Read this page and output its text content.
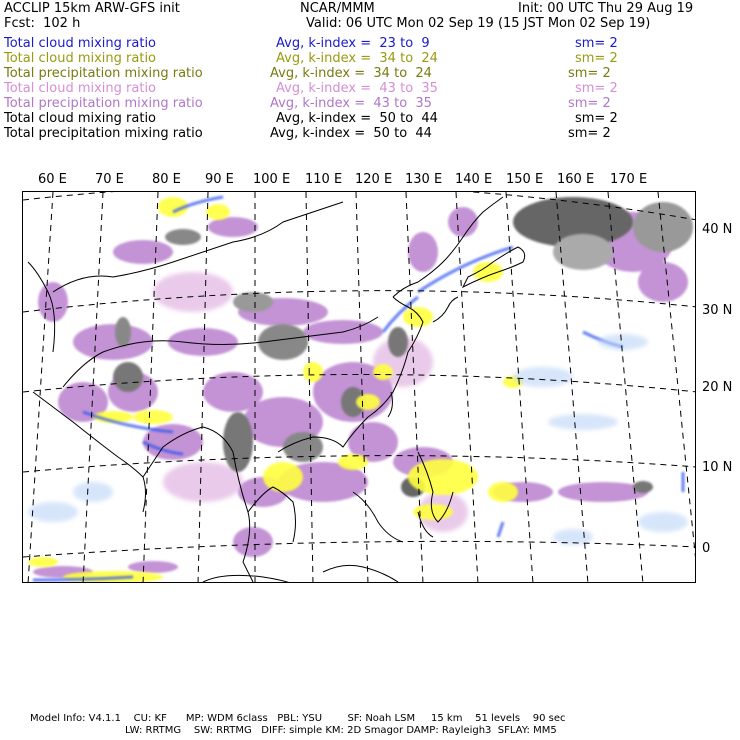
ACCLIP 15km ARW-GFS init	NCAR/MMM	Init: 00 UTC Thu 29 Aug 19
Fcst:  102 h	Valid: 06 UTC Mon 02 Sep 19 (15 JST Mon 02 Sep 19)
Total cloud mixing ratio	Avg, k-index =  23 to  9	sm= 2
Total cloud mixing ratio	Avg, k-index =  34 to  24	sm= 2
Total precipitation mixing ratio	Avg, k-index =  34 to  24	sm= 2
Total cloud mixing ratio	Avg, k-index =  43 to  35	sm= 2
Total precipitation mixing ratio	Avg, k-index =  43 to  35	sm= 2
Total cloud mixing ratio	Avg, k-index =  50 to  44	sm= 2
Total precipitation mixing ratio	Avg, k-index =  50 to  44	sm= 2
60 E 70 E 80 E 90 E 100 E 110 E 120 E 130 E 140 E 150 E 160 E 170 E
40 N
30 N
20 N
10 N
0
Model Info: V4.1.1    CU: KF      MP: WDM 6class   PBL: YSU        SF: Noah LSM     15 km    51 levels    90 sec
LW: RRTMG    SW: RRTMG   DIFF: simple KM: 2D Smagor DAMP: Rayleigh3  SFLAY: MM5
